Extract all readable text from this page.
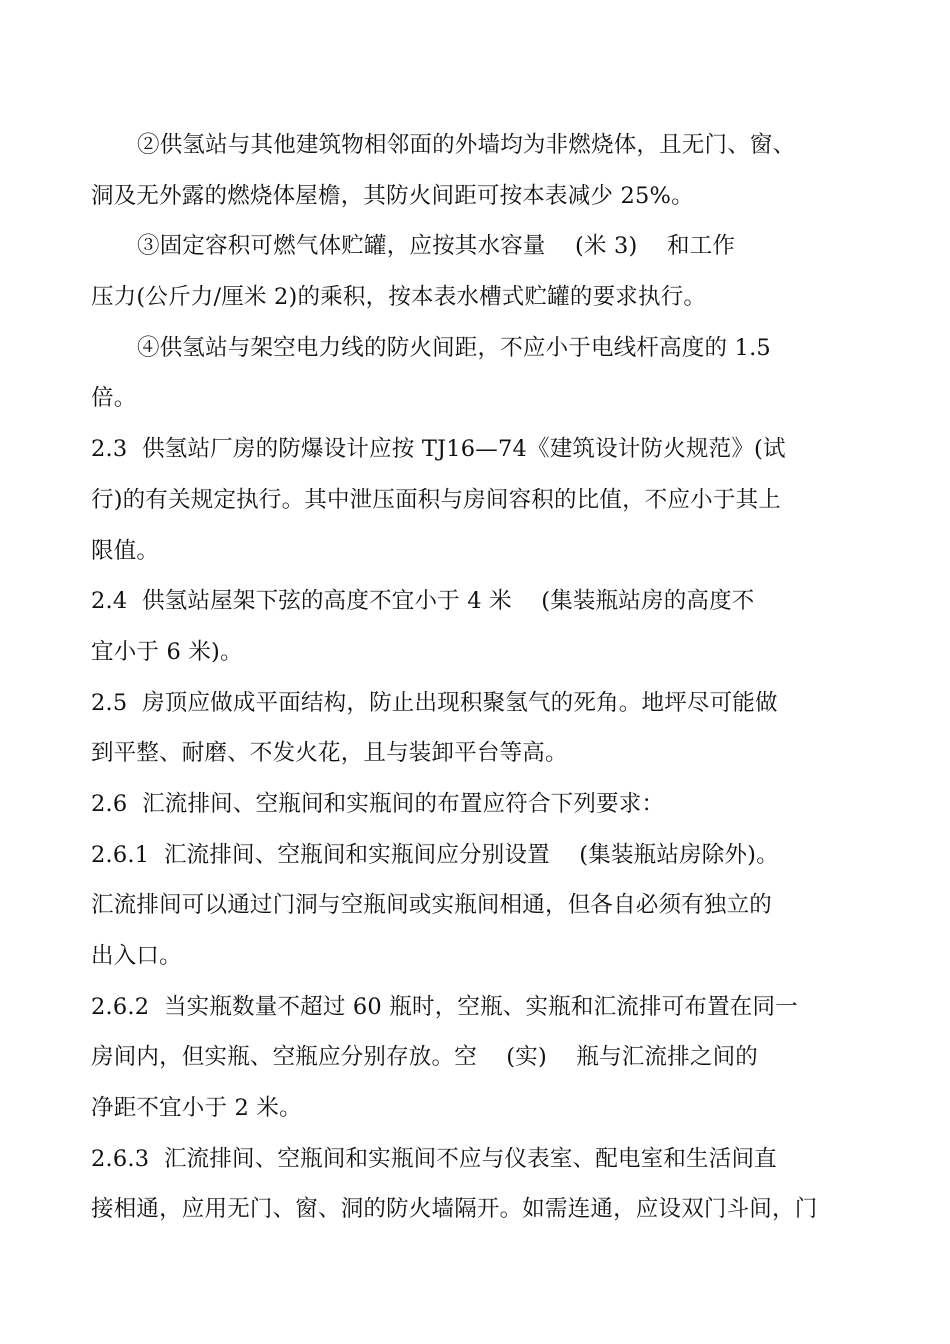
②供氢站与其他建筑物相邻面的外墙均为非燃烧体，且无门、窗、
洞及无外露的燃烧体屋檐，其防火间距可按本表减少 25%。
③固定容积可燃气体贮罐，应按其水容量    (米 3)    和工作
压力(公斤力/厘米 2)的乘积，按本表水槽式贮罐的要求执行。
④供氢站与架空电力线的防火间距，不应小于电线杆高度的 1.5
倍。
2.3  供氢站厂房的防爆设计应按 TJ16—74《建筑设计防火规范》(试
行)的有关规定执行。其中泄压面积与房间容积的比值，不应小于其上
限值。
2.4  供氢站屋架下弦的高度不宜小于 4 米    (集装瓶站房的高度不
宜小于 6 米)。
2.5  房顶应做成平面结构，防止出现积聚氢气的死角。地坪尽可能做
到平整、耐磨、不发火花，且与装卸平台等高。
2.6  汇流排间、空瓶间和实瓶间的布置应符合下列要求：
2.6.1  汇流排间、空瓶间和实瓶间应分别设置    (集装瓶站房除外)。
汇流排间可以通过门洞与空瓶间或实瓶间相通，但各自必须有独立的
出入口。
2.6.2  当实瓶数量不超过 60 瓶时，空瓶、实瓶和汇流排可布置在同一
房间内，但实瓶、空瓶应分别存放。空    (实)    瓶与汇流排之间的
净距不宜小于 2 米。
2.6.3  汇流排间、空瓶间和实瓶间不应与仪表室、配电室和生活间直
接相通，应用无门、窗、洞的防火墙隔开。如需连通，应设双门斗间，门
